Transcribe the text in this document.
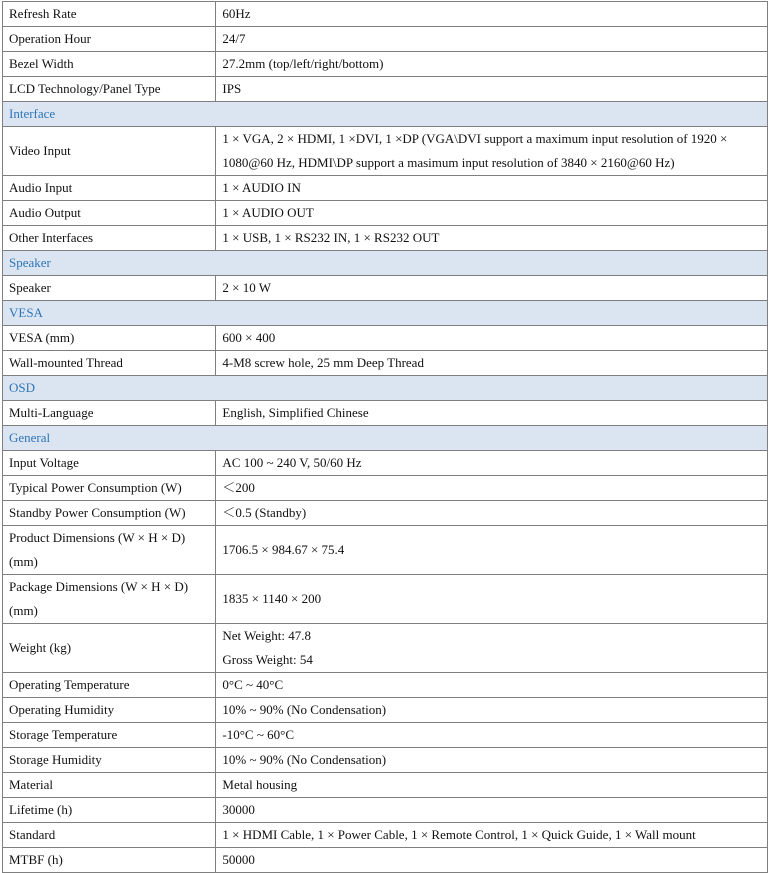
Refresh Rate	60Hz
Operation Hour	24/7
Bezel Width	27.2mm (top/left/right/bottom)
LCD Technology/Panel Type	IPS
Interface	
Video Input	1 × VGA, 2 × HDMI, 1 ×DVI, 1 ×DP (VGA\DVI support a maximum input resolution of 1920 ×
1080@60 Hz, HDMI\DP support a masimum input resolution of 3840 × 2160@60 Hz)

Audio Input	1 × AUDIO IN
Audio Output	1 × AUDIO OUT
Other Interfaces	1 × USB, 1 × RS232 IN, 1 × RS232 OUT
Speaker	
Speaker	2 × 10 W
VESA	
VESA (mm)	600 × 400
Wall-mounted Thread	4-M8 screw hole, 25 mm Deep Thread
OSD	
Multi-Language	English, Simplified Chinese
General	
Input Voltage	AC 100 ~ 240 V, 50/60 Hz
Typical Power Consumption (W)	＜200
Standby Power Consumption (W)	＜0.5 (Standby)

Product Dimensions (W × H × D)
(mm)	1706.5 × 984.67 × 75.4

Package Dimensions (W × H × D)
(mm)	1835 × 1140 × 200
Weight (kg)	Net Weight: 47.8
Gross Weight: 54

Operating Temperature	0°C ~ 40°C
Operating Humidity	10% ~ 90% (No Condensation)
Storage Temperature	-10°C ~ 60°C
Storage Humidity	10% ~ 90% (No Condensation)
Material	Metal housing
Lifetime (h)	30000
Standard	1 × HDMI Cable, 1 × Power Cable, 1 × Remote Control, 1 × Quick Guide, 1 × Wall mount
MTBF (h)	50000
